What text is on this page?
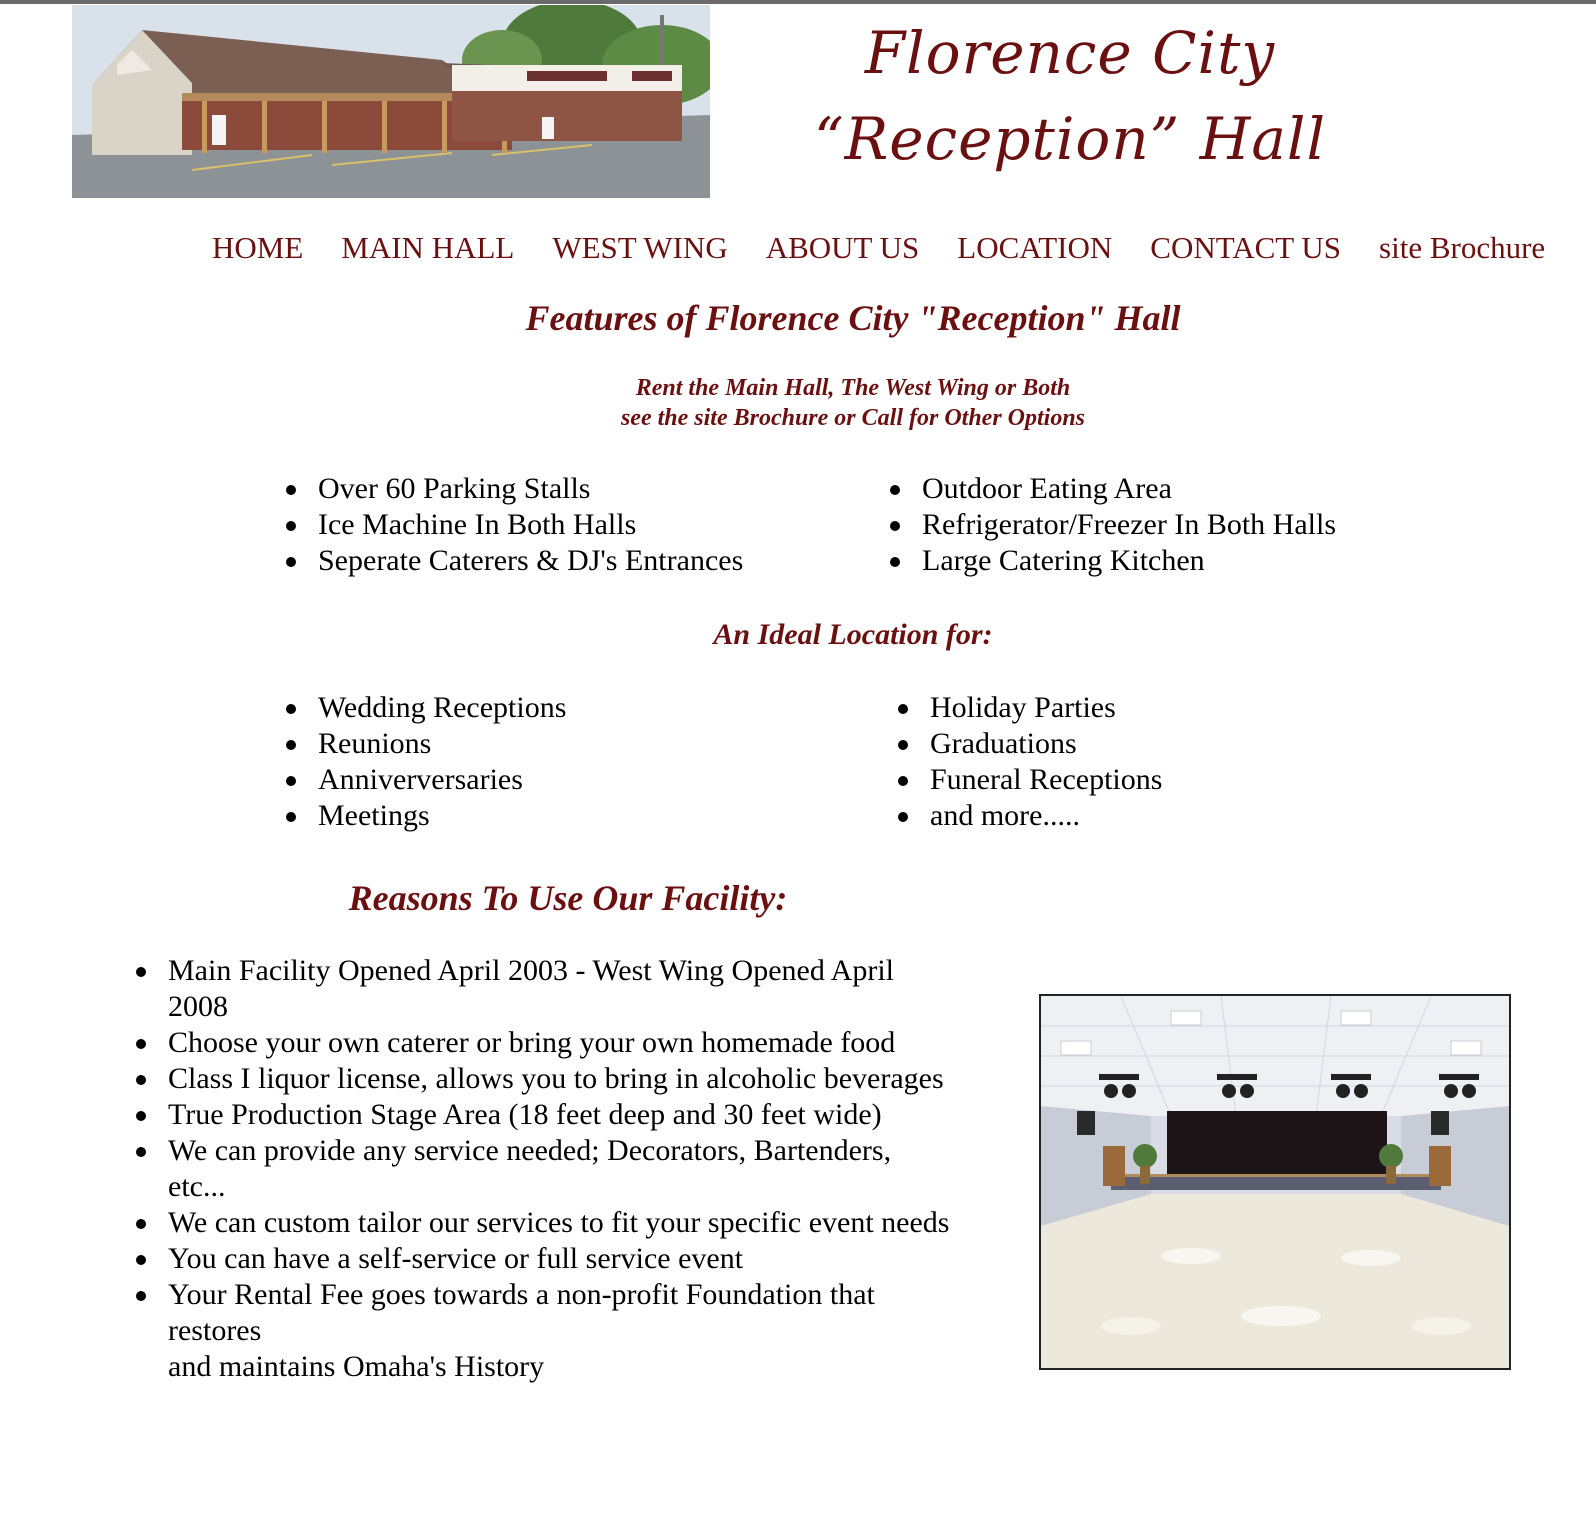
Florence City
“Reception” Hall
HOME MAIN HALL WEST WING ABOUT US LOCATION CONTACT US site Brochure
Features of Florence City "Reception" Hall
Rent the Main Hall, The West Wing or Both
see the site Brochure or Call for Other Options
Over 60 Parking Stalls
Ice Machine In Both Halls
Seperate Caterers & DJ's Entrances
Outdoor Eating Area
Refrigerator/Freezer In Both Halls
Large Catering Kitchen
An Ideal Location for:
Wedding Receptions
Reunions
Anniverversaries
Meetings
Holiday Parties
Graduations
Funeral Receptions
and more.....
Reasons To Use Our Facility:
Main Facility Opened April 2003 - West Wing Opened April 2008
Choose your own caterer or bring your own homemade food
Class I liquor license, allows you to bring in alcoholic beverages
True Production Stage Area (18 feet deep and 30 feet wide)
We can provide any service needed; Decorators, Bartenders, etc...
We can custom tailor our services to fit your specific event needs
You can have a self-service or full service event
Your Rental Fee goes towards a non-profit Foundation that restores
and maintains Omaha's History
